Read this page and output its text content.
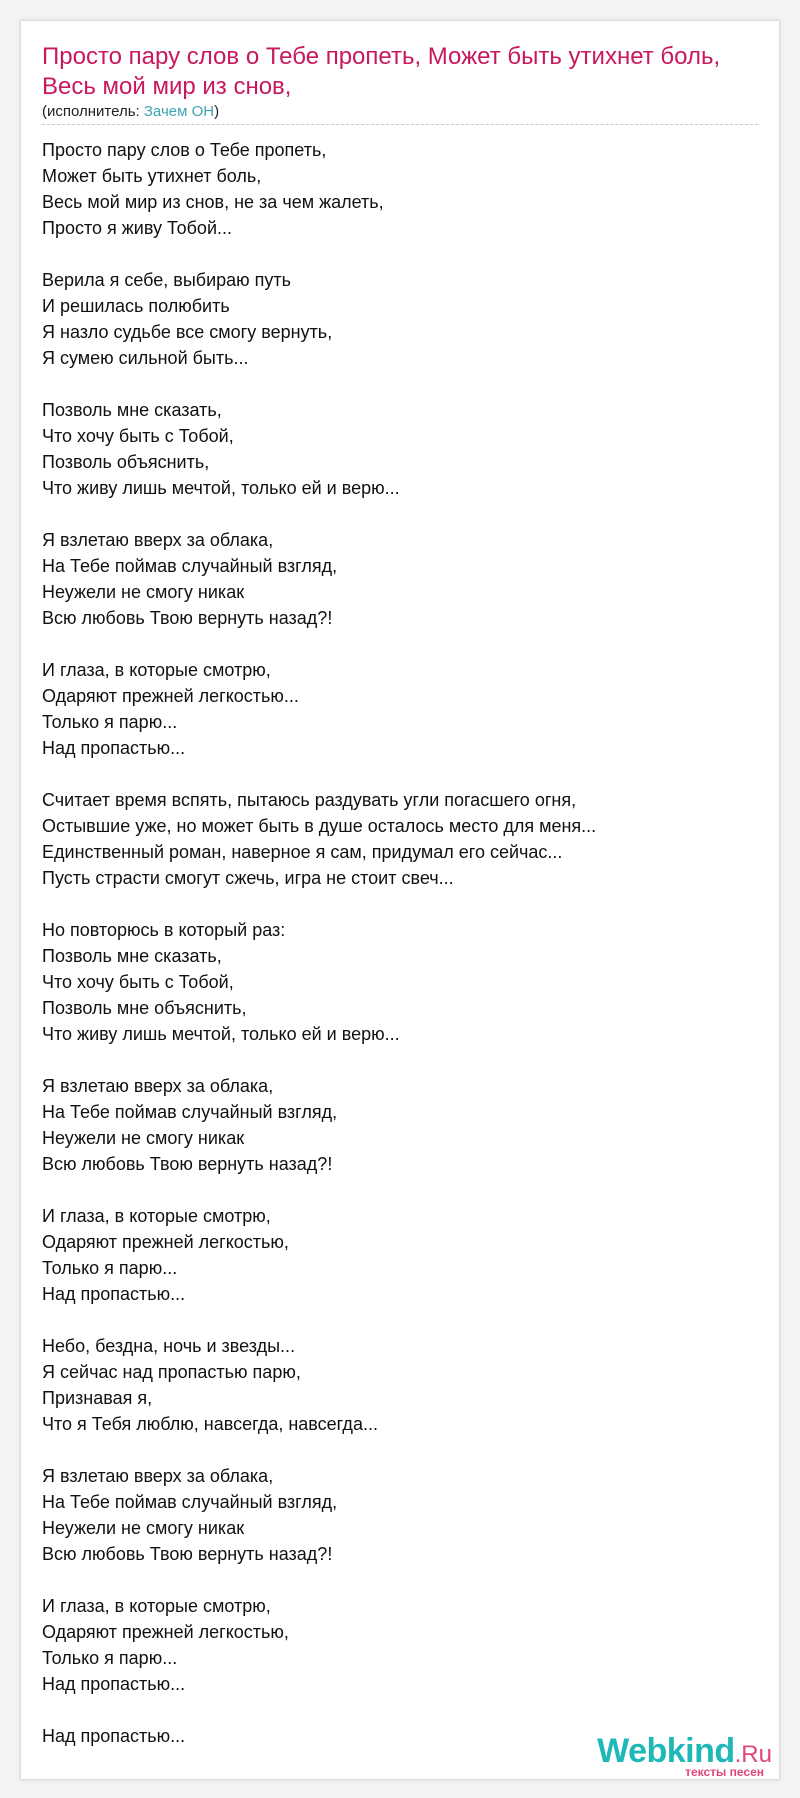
Просто пару слов о Тебе пропеть, Может быть утихнет боль,
Весь мой мир из снов,
(исполнитель: Зачем ОН)
Просто пару слов о Тебе пропеть,
Может быть утихнет боль,
Весь мой мир из снов, не за чем жалеть,
Просто я живу Тобой...
Верила я себе, выбираю путь
И решилась полюбить
Я назло судьбе все смогу вернуть,
Я сумею сильной быть...
Позволь мне сказать,
Что хочу быть с Тобой,
Позволь объяснить,
Что живу лишь мечтой, только ей и верю...
Я взлетаю вверх за облака,
На Тебе поймав случайный взгляд,
Неужели не смогу никак
Всю любовь Твою вернуть назад?!
И глаза, в которые смотрю,
Одаряют прежней легкостью...
Только я парю...
Над пропастью...
Считает время вспять, пытаюсь раздувать угли погасшего огня,
Остывшие уже, но может быть в душе осталось место для меня...
Единственный роман, наверное я сам, придумал его сейчас...
Пусть страсти смогут сжечь, игра не стоит свеч...
Но повторюсь в который раз:
Позволь мне сказать,
Что хочу быть с Тобой,
Позволь мне объяснить,
Что живу лишь мечтой, только ей и верю...
Я взлетаю вверх за облака,
На Тебе поймав случайный взгляд,
Неужели не смогу никак
Всю любовь Твою вернуть назад?!
И глаза, в которые смотрю,
Одаряют прежней легкостью,
Только я парю...
Над пропастью...
Небо, бездна, ночь и звезды...
Я сейчас над пропастью парю,
Признавая я,
Что я Тебя люблю, навсегда, навсегда...
Я взлетаю вверх за облака,
На Тебе поймав случайный взгляд,
Неужели не смогу никак
Всю любовь Твою вернуть назад?!
И глаза, в которые смотрю,
Одаряют прежней легкостью,
Только я парю...
Над пропастью...
Над пропастью...	Webkind.Ru
тексты песен
